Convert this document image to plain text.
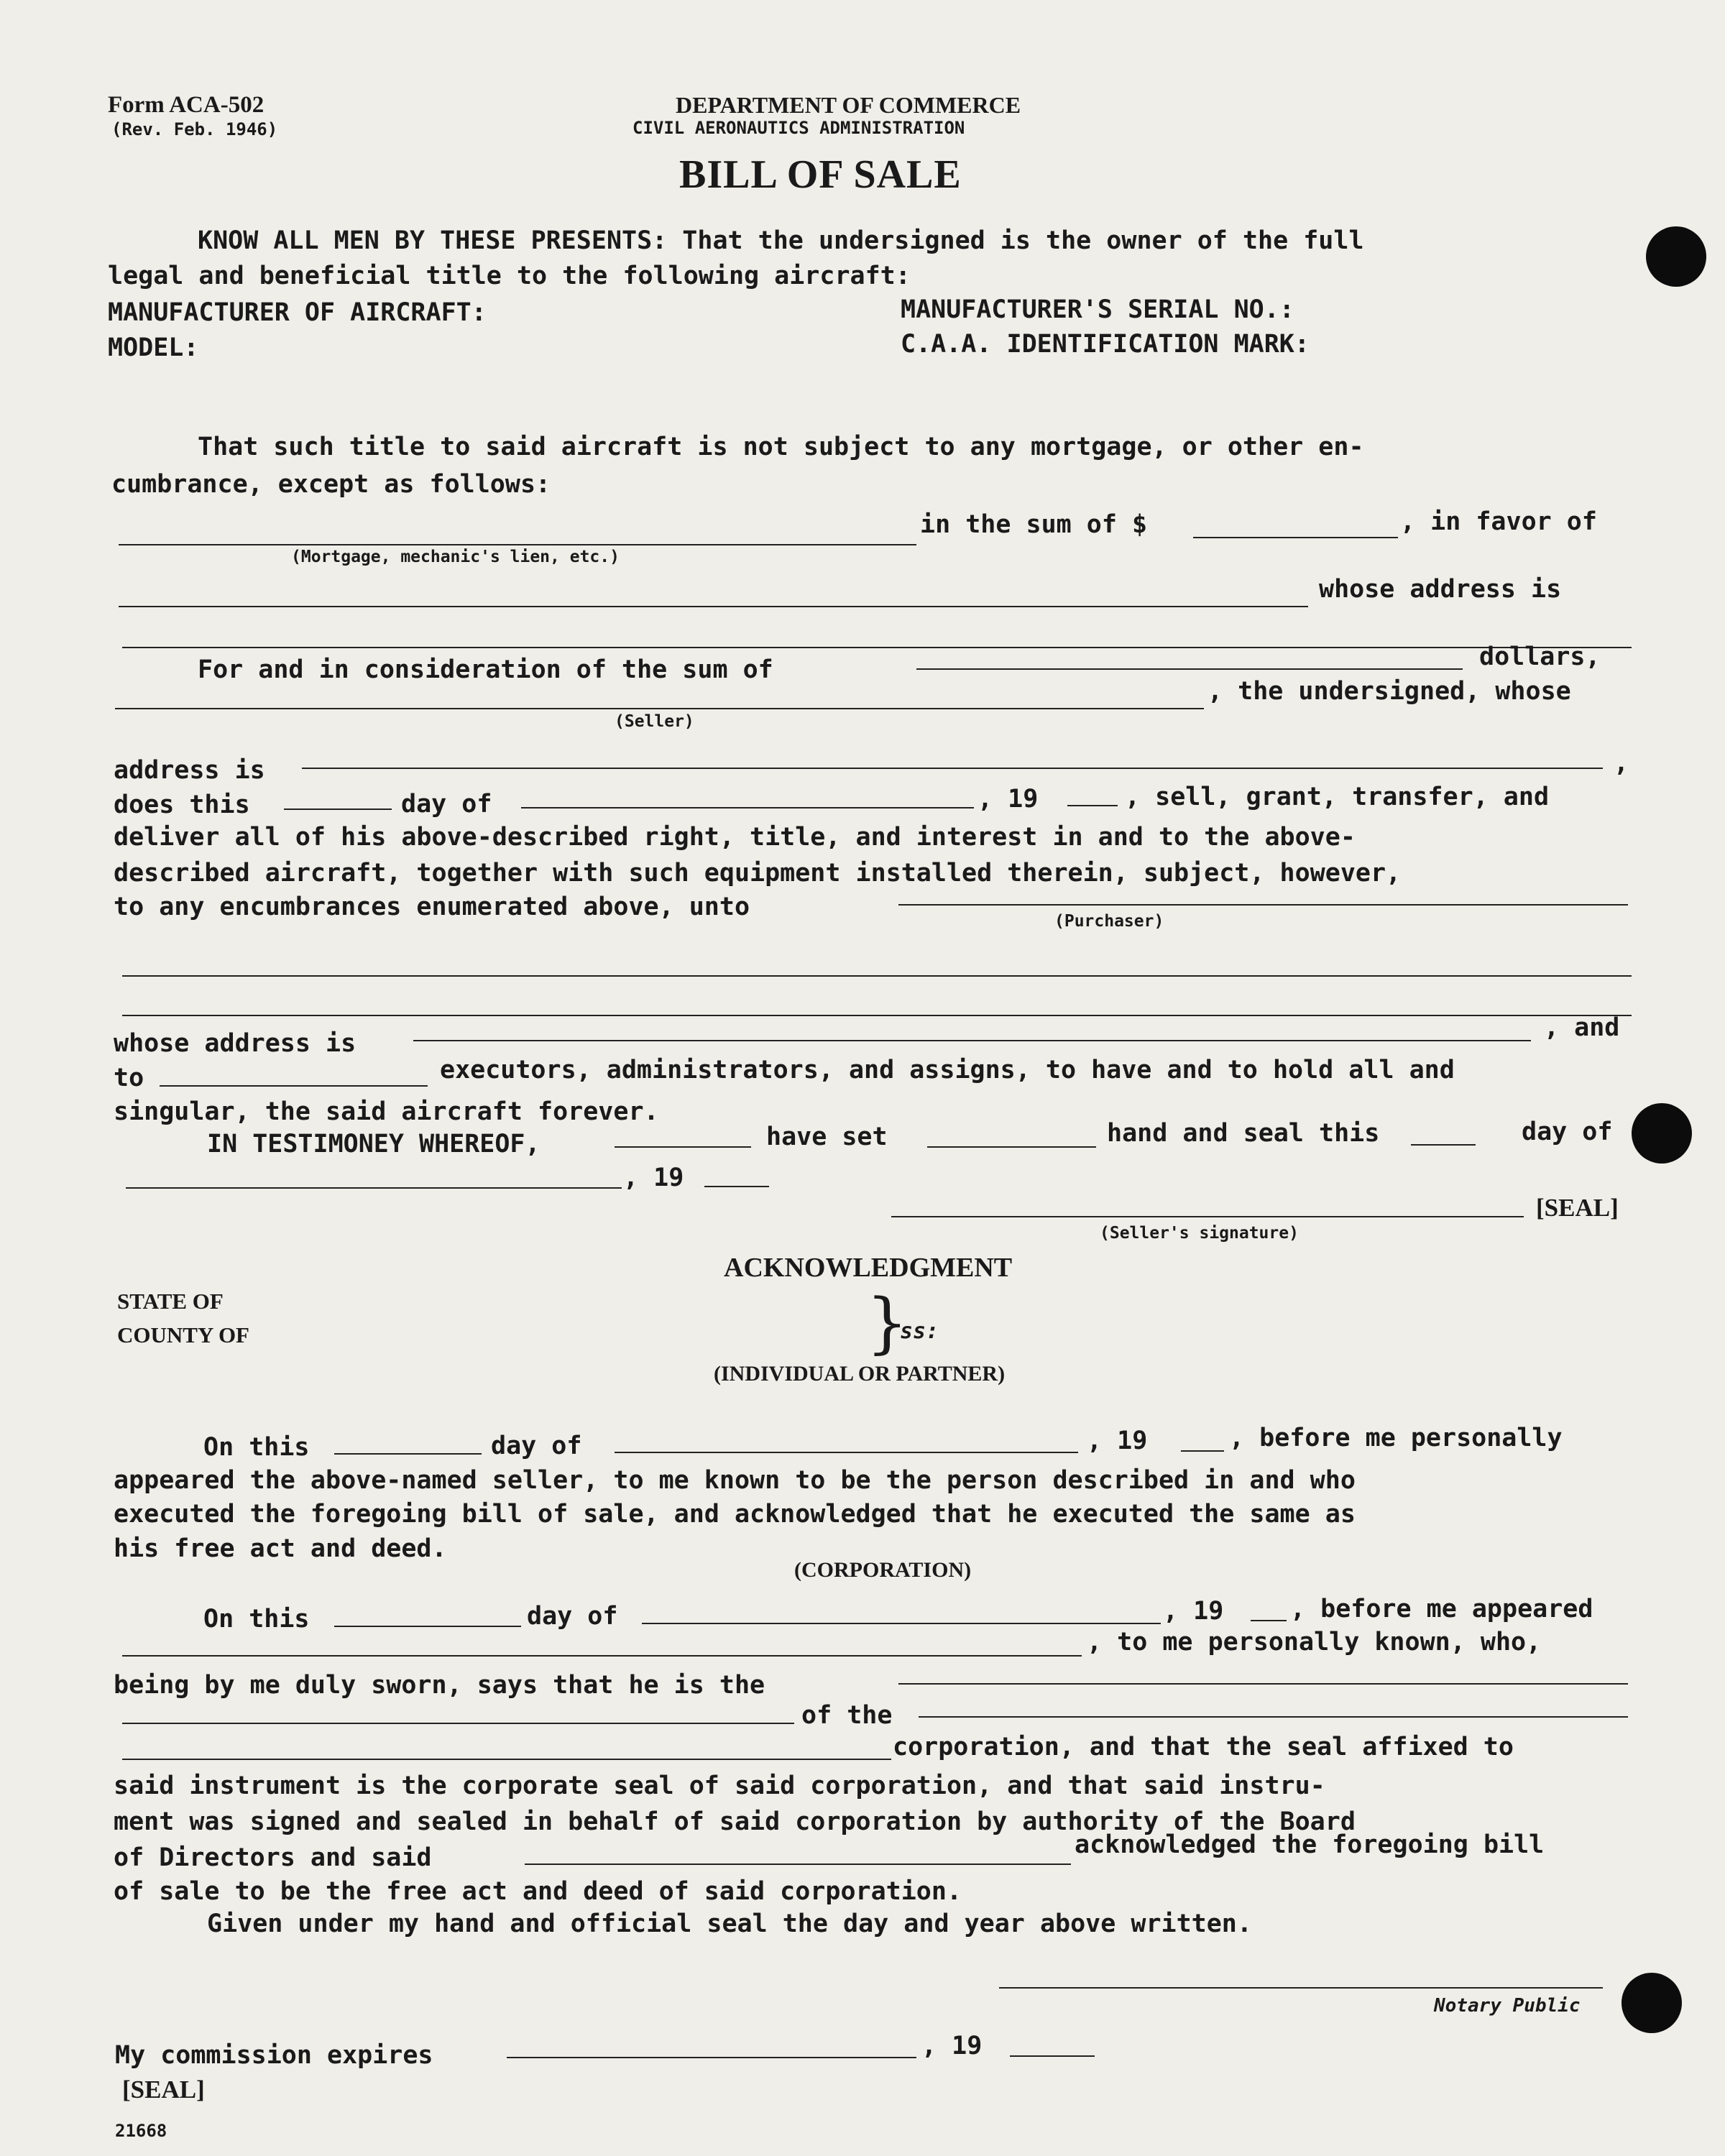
Form ACA-502
(Rev. Feb. 1946)
DEPARTMENT OF COMMERCE
CIVIL AERONAUTICS ADMINISTRATION
BILL OF SALE
KNOW ALL MEN BY THESE PRESENTS: That the undersigned is the owner of the full
legal and beneficial title to the following aircraft:
MANUFACTURER OF AIRCRAFT:	MANUFACTURER'S SERIAL NO.:
MODEL:	C.A.A. IDENTIFICATION MARK:
That such title to said aircraft is not subject to any mortgage, or other en-
cumbrance, except as follows:
(Mortgage, mechanic's lien, etc.)
in the sum of $	, in favor of
whose address is
For and in consideration of the sum of	dollars,
(Seller)
, the undersigned, whose
address is	,
does this	day of	, 19	, sell, grant, transfer, and
deliver all of his above-described right, title, and interest in and to the above-
described aircraft, together with such equipment installed therein, subject, however,
to any encumbrances enumerated above, unto	(Purchaser)
whose address is
, and
to	executors, administrators, and assigns, to have and to hold all and
singular, the said aircraft forever.
IN TESTIMONEY WHEREOF,	have set	hand and seal this	day of
, 19
[SEAL]
(Seller's signature)
ACKNOWLEDGMENT
STATE OF
COUNTY OF	}
ss:
(INDIVIDUAL OR PARTNER)
On this	day of	, 19	, before me personally
appeared the above-named seller, to me known to be the person described in and who
executed the foregoing bill of sale, and acknowledged that he executed the same as
his free act and deed.
(CORPORATION)
On this	day of	, 19	, before me appeared
, to me personally known, who,
being by me duly sworn, says that he is the
of the
corporation, and that the seal affixed to
said instrument is the corporate seal of said corporation, and that said instru-
ment was signed and sealed in behalf of said corporation by authority of the Board
of Directors and said	acknowledged the foregoing bill
of sale to be the free act and deed of said corporation.
Given under my hand and official seal the day and year above written.
Notary Public
My commission expires	, 19
[SEAL]
21668
